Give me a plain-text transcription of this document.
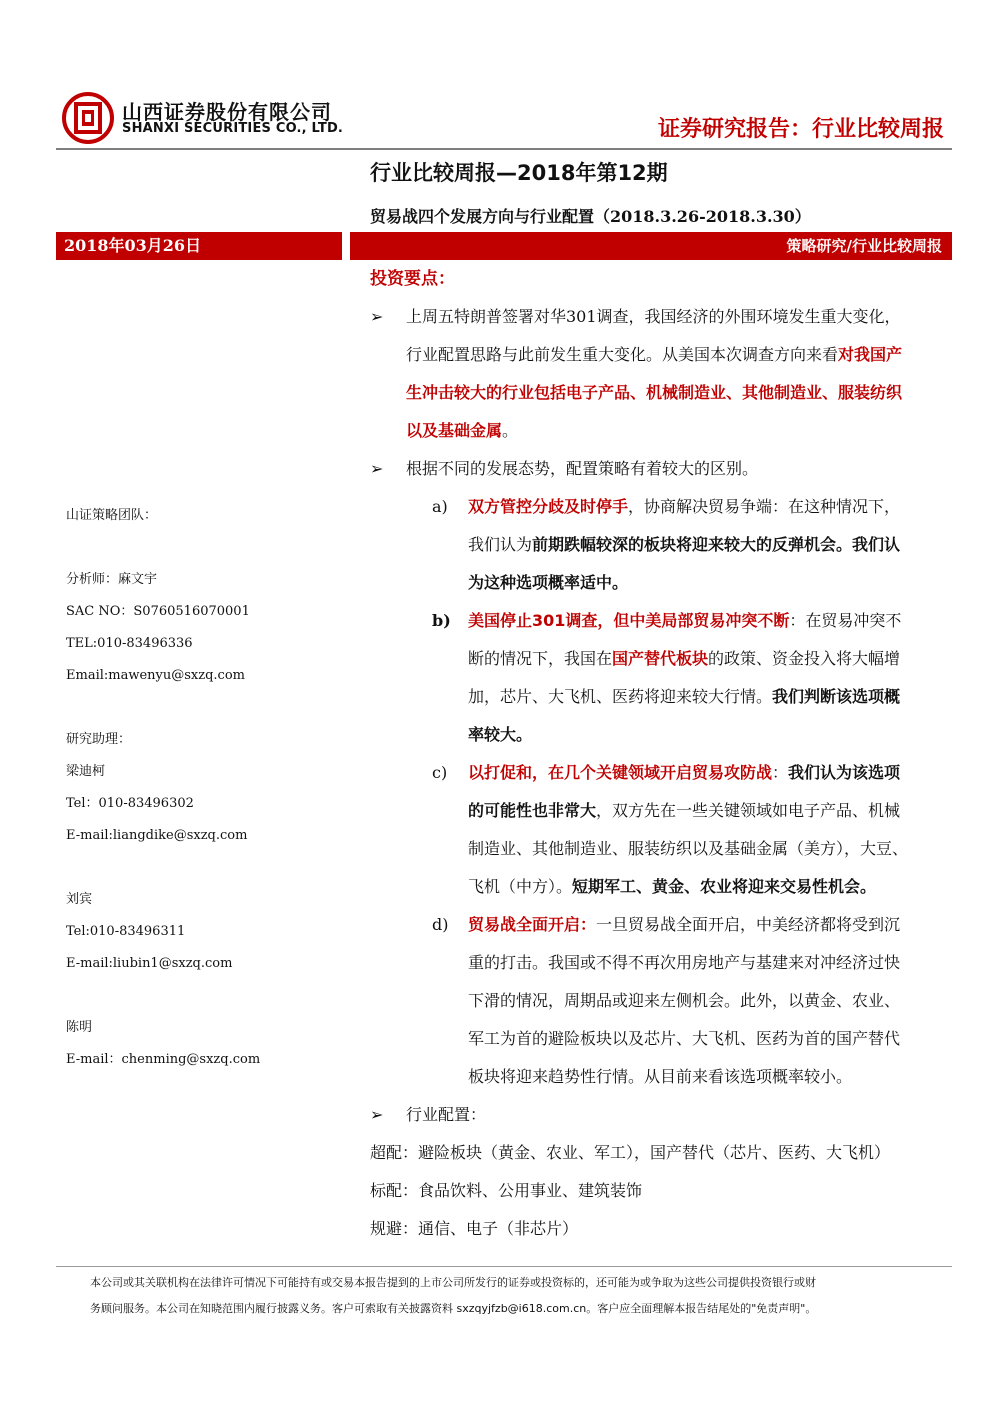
山西证券股份有限公司
SHANXI SECURITIES CO., LTD.	证券研究报告：行业比较周报
行业比较周报—2018年第12期
贸易战四个发展方向与行业配置（2018.3.26-2018.3.30）
2018年03月26日	策略研究/行业比较周报
山证策略团队：
分析师：麻文宇
SAC NO：S0760516070001
TEL:010-83496336
Email:mawenyu@sxzq.com
研究助理：
梁迪柯
Tel：010-83496302
E-mail:liangdike@sxzq.com
刘宾
Tel:010-83496311
E-mail:liubin1@sxzq.com
陈明
E-mail：chenming@sxzq.com
投资要点：
➢ 上周五特朗普签署对华301调查，我国经济的外围环境发生重大变化，
行业配置思路与此前发生重大变化。从美国本次调查方向来看对我国产
生冲击较大的行业包括电子产品、机械制造业、其他制造业、服装纺织
以及基础金属。
➢ 根据不同的发展态势，配置策略有着较大的区别。
a) 双方管控分歧及时停手，协商解决贸易争端：在这种情况下，
我们认为前期跌幅较深的板块将迎来较大的反弹机会。我们认
为这种选项概率适中。
b) 美国停止301调查，但中美局部贸易冲突不断：在贸易冲突不
断的情况下，我国在国产替代板块的政策、资金投入将大幅增
加，芯片、大飞机、医药将迎来较大行情。我们判断该选项概
率较大。
c) 以打促和，在几个关键领域开启贸易攻防战：我们认为该选项
的可能性也非常大，双方先在一些关键领域如电子产品、机械
制造业、其他制造业、服装纺织以及基础金属（美方），大豆、
飞机（中方）。短期军工、黄金、农业将迎来交易性机会。
d) 贸易战全面开启：一旦贸易战全面开启，中美经济都将受到沉
重的打击。我国或不得不再次用房地产与基建来对冲经济过快
下滑的情况，周期品或迎来左侧机会。此外，以黄金、农业、
军工为首的避险板块以及芯片、大飞机、医药为首的国产替代
板块将迎来趋势性行情。从目前来看该选项概率较小。
➢ 行业配置：
超配：避险板块（黄金、农业、军工），国产替代（芯片、医药、大飞机）
标配：食品饮料、公用事业、建筑装饰
规避：通信、电子（非芯片）
本公司或其关联机构在法律许可情况下可能持有或交易本报告提到的上市公司所发行的证券或投资标的，还可能为或争取为这些公司提供投资银行或财
务顾问服务。本公司在知晓范围内履行披露义务。客户可索取有关披露资料 sxzqyjfzb@i618.com.cn。客户应全面理解本报告结尾处的"免责声明"。
